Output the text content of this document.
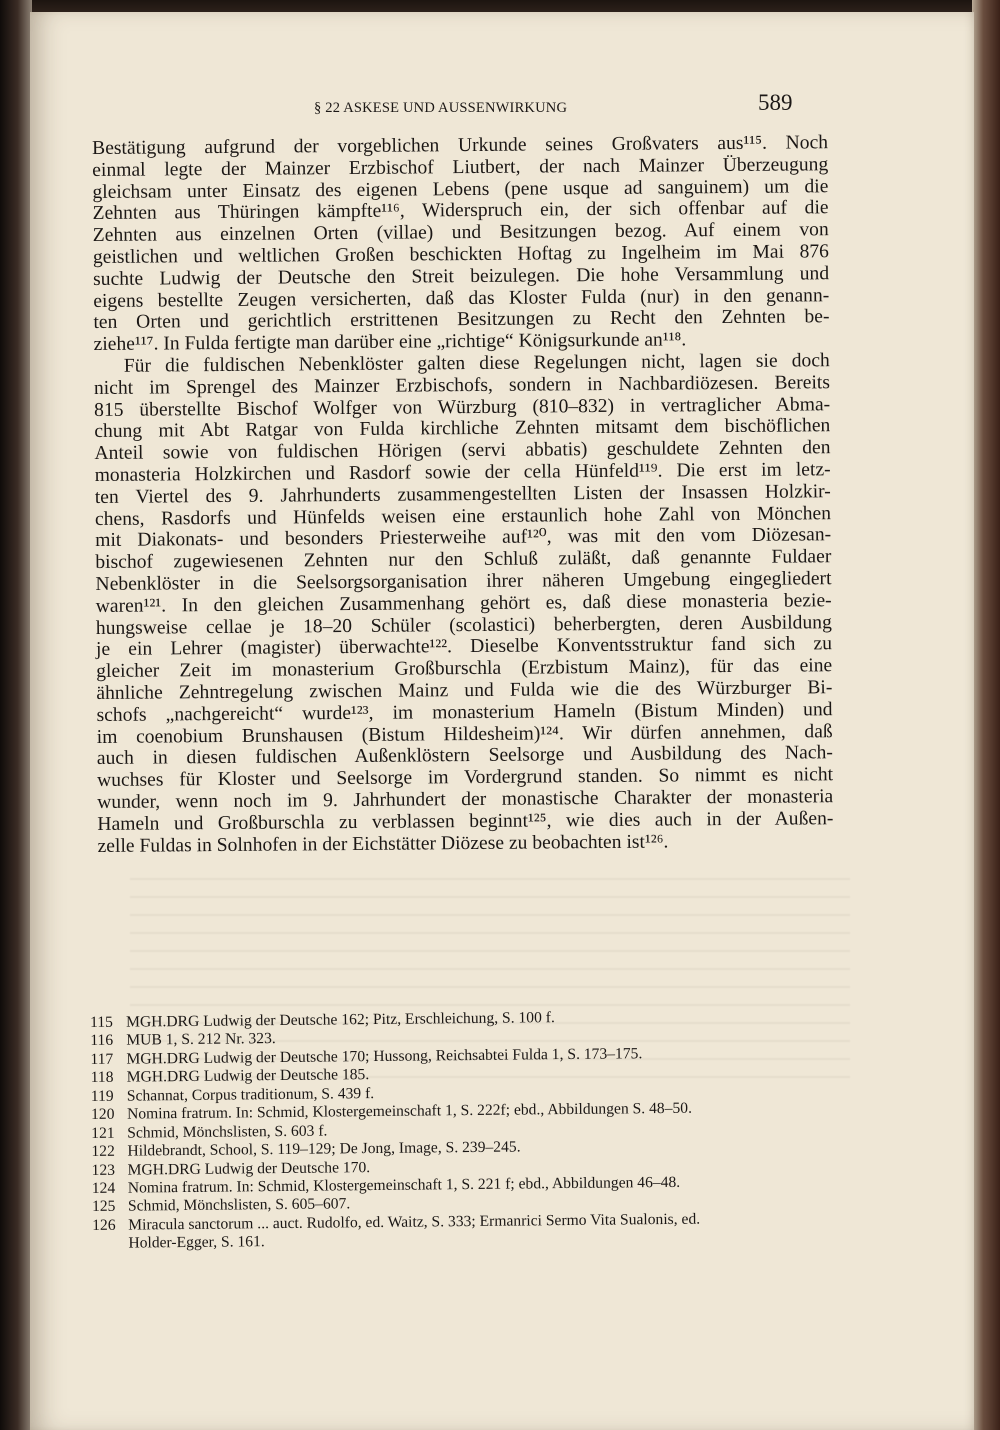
§ 22 ASKESE UND AUSSENWIRKUNG	589
Bestätigung aufgrund der vorgeblichen Urkunde seines Großvaters aus¹¹⁵. Noch
einmal legte der Mainzer Erzbischof Liutbert, der nach Mainzer Überzeugung
gleichsam unter Einsatz des eigenen Lebens (pene usque ad sanguinem) um die
Zehnten aus Thüringen kämpfte¹¹⁶, Widerspruch ein, der sich offenbar auf die
Zehnten aus einzelnen Orten (villae) und Besitzungen bezog. Auf einem von
geistlichen und weltlichen Großen beschickten Hoftag zu Ingelheim im Mai 876
suchte Ludwig der Deutsche den Streit beizulegen. Die hohe Versammlung und
eigens bestellte Zeugen versicherten, daß das Kloster Fulda (nur) in den genann-
ten Orten und gerichtlich erstrittenen Besitzungen zu Recht den Zehnten be-
ziehe¹¹⁷. In Fulda fertigte man darüber eine „richtige“ Königsurkunde an¹¹⁸.
Für die fuldischen Nebenklöster galten diese Regelungen nicht, lagen sie doch
nicht im Sprengel des Mainzer Erzbischofs, sondern in Nachbardiözesen. Bereits
815 überstellte Bischof Wolfger von Würzburg (810–832) in vertraglicher Abma-
chung mit Abt Ratgar von Fulda kirchliche Zehnten mitsamt dem bischöflichen
Anteil sowie von fuldischen Hörigen (servi abbatis) geschuldete Zehnten den
monasteria Holzkirchen und Rasdorf sowie der cella Hünfeld¹¹⁹. Die erst im letz-
ten Viertel des 9. Jahrhunderts zusammengestellten Listen der Insassen Holzkir-
chens, Rasdorfs und Hünfelds weisen eine erstaunlich hohe Zahl von Mönchen
mit Diakonats- und besonders Priesterweihe auf¹²⁰, was mit den vom Diözesan-
bischof zugewiesenen Zehnten nur den Schluß zuläßt, daß genannte Fuldaer
Nebenklöster in die Seelsorgsorganisation ihrer näheren Umgebung eingegliedert
waren¹²¹. In den gleichen Zusammenhang gehört es, daß diese monasteria bezie-
hungsweise cellae je 18–20 Schüler (scolastici) beherbergten, deren Ausbildung
je ein Lehrer (magister) überwachte¹²². Dieselbe Konventsstruktur fand sich zu
gleicher Zeit im monasterium Großburschla (Erzbistum Mainz), für das eine
ähnliche Zehntregelung zwischen Mainz und Fulda wie die des Würzburger Bi-
schofs „nachgereicht“ wurde¹²³, im monasterium Hameln (Bistum Minden) und
im coenobium Brunshausen (Bistum Hildesheim)¹²⁴. Wir dürfen annehmen, daß
auch in diesen fuldischen Außenklöstern Seelsorge und Ausbildung des Nach-
wuchses für Kloster und Seelsorge im Vordergrund standen. So nimmt es nicht
wunder, wenn noch im 9. Jahrhundert der monastische Charakter der monasteria
Hameln und Großburschla zu verblassen beginnt¹²⁵, wie dies auch in der Außen-
zelle Fuldas in Solnhofen in der Eichstätter Diözese zu beobachten ist¹²⁶.
115 MGH.DRG Ludwig der Deutsche 162; Pitz, Erschleichung, S. 100 f.
116 MUB 1, S. 212 Nr. 323.
117 MGH.DRG Ludwig der Deutsche 170; Hussong, Reichsabtei Fulda 1, S. 173–175.
118 MGH.DRG Ludwig der Deutsche 185.
119 Schannat, Corpus traditionum, S. 439 f.
120 Nomina fratrum. In: Schmid, Klostergemeinschaft 1, S. 222f; ebd., Abbildungen S. 48–50.
121 Schmid, Mönchslisten, S. 603 f.
122 Hildebrandt, School, S. 119–129; De Jong, Image, S. 239–245.
123 MGH.DRG Ludwig der Deutsche 170.
124 Nomina fratrum. In: Schmid, Klostergemeinschaft 1, S. 221 f; ebd., Abbildungen 46–48.
125 Schmid, Mönchslisten, S. 605–607.
126 Miracula sanctorum ... auct. Rudolfo, ed. Waitz, S. 333; Ermanrici Sermo Vita Sualonis, ed.
Holder-Egger, S. 161.
